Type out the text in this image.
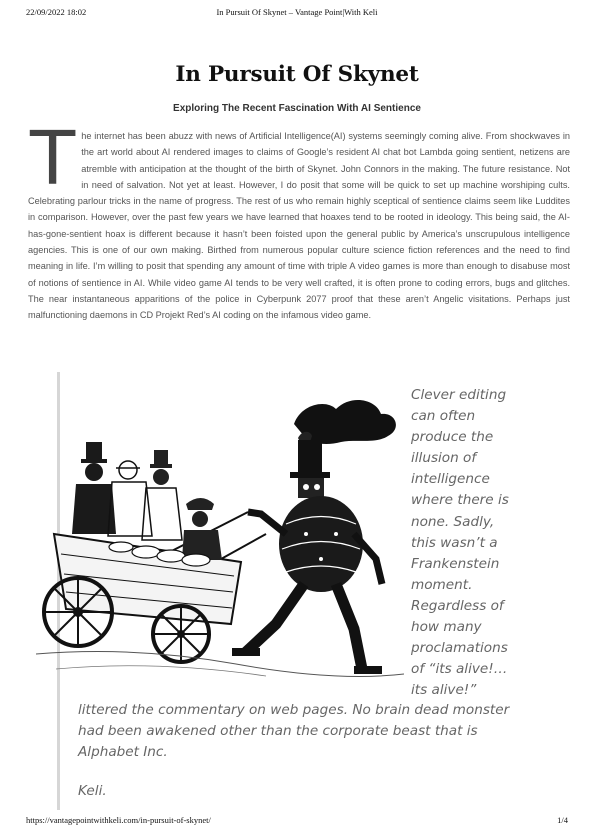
22/09/2022 18:02	In Pursuit Of Skynet – Vantage Point|With Keli
In Pursuit Of Skynet
Exploring The Recent Fascination With AI Sentience
T he internet has been abuzz with news of Artificial Intelligence(AI) systems seemingly coming alive. From shockwaves in the art world about AI rendered images to claims of Google’s resident AI chat bot Lambda going sentient, netizens are atremble with anticipation at the thought of the birth of Skynet. John Connors in the making. The future resistance. Not in need of salvation. Not yet at least. However, I do posit that some will be quick to set up machine worshiping cults. Celebrating parlour tricks in the name of progress. The rest of us who remain highly sceptical of sentience claims seem like Luddites in comparison. However, over the past few years we have learned that hoaxes tend to be rooted in ideology. This being said, the AI-has-gone-sentient hoax is different because it hasn’t been foisted upon the general public by America’s unscrupulous intelligence agencies. This is one of our own making. Birthed from numerous popular culture science fiction references and the need to find meaning in life. I’m willing to posit that spending any amount of time with triple A video games is more than enough to disabuse most of notions of sentience in AI. While video game AI tends to be very well crafted, it is often prone to coding errors, bugs and glitches. The near instantaneous apparitions of the police in Cyberpunk 2077 proof that these aren’t Angelic visitations. Perhaps just malfunctioning daemons in CD Projekt Red’s AI coding on the infamous video game.
Clever editing
can often
produce the
illusion of
intelligence
where there is
none. Sadly,
this wasn’t a
Frankenstein
moment.
Regardless of
how many
proclamations
of “its alive!…
its alive!”
littered the commentary on web pages. No brain dead monster had been awakened other than the corporate beast that is Alphabet Inc.
Keli.
https://vantagepointwithkeli.com/in-pursuit-of-skynet/	1/4
